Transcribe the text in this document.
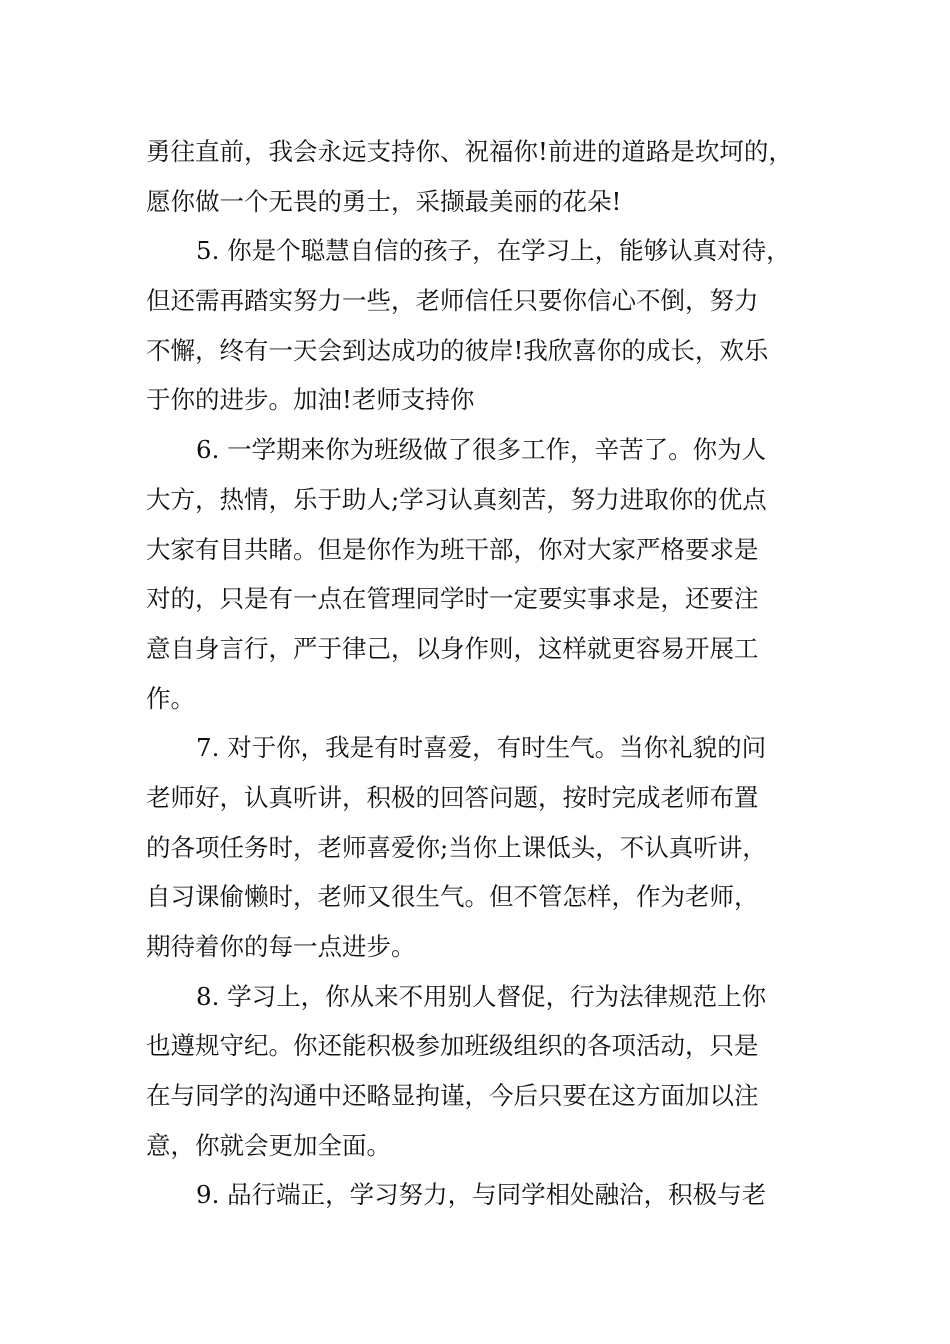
勇往直前，我会永远支持你、祝福你!前进的道路是坎坷的，
愿你做一个无畏的勇士，采撷最美丽的花朵!
5. 你是个聪慧自信的孩子，在学习上，能够认真对待，
但还需再踏实努力一些，老师信任只要你信心不倒，努力
不懈，终有一天会到达成功的彼岸!我欣喜你的成长，欢乐
于你的进步。加油!老师支持你
6. 一学期来你为班级做了很多工作，辛苦了。你为人
大方，热情，乐于助人;学习认真刻苦，努力进取你的优点
大家有目共睹。但是你作为班干部，你对大家严格要求是
对的，只是有一点在管理同学时一定要实事求是，还要注
意自身言行，严于律己，以身作则，这样就更容易开展工
作。
7. 对于你，我是有时喜爱，有时生气。当你礼貌的问
老师好，认真听讲，积极的回答问题，按时完成老师布置
的各项任务时，老师喜爱你;当你上课低头，不认真听讲，
自习课偷懒时，老师又很生气。但不管怎样，作为老师，
期待着你的每一点进步。
8. 学习上，你从来不用别人督促，行为法律规范上你
也遵规守纪。你还能积极参加班级组织的各项活动，只是
在与同学的沟通中还略显拘谨，今后只要在这方面加以注
意，你就会更加全面。
9. 品行端正，学习努力，与同学相处融洽，积极与老
